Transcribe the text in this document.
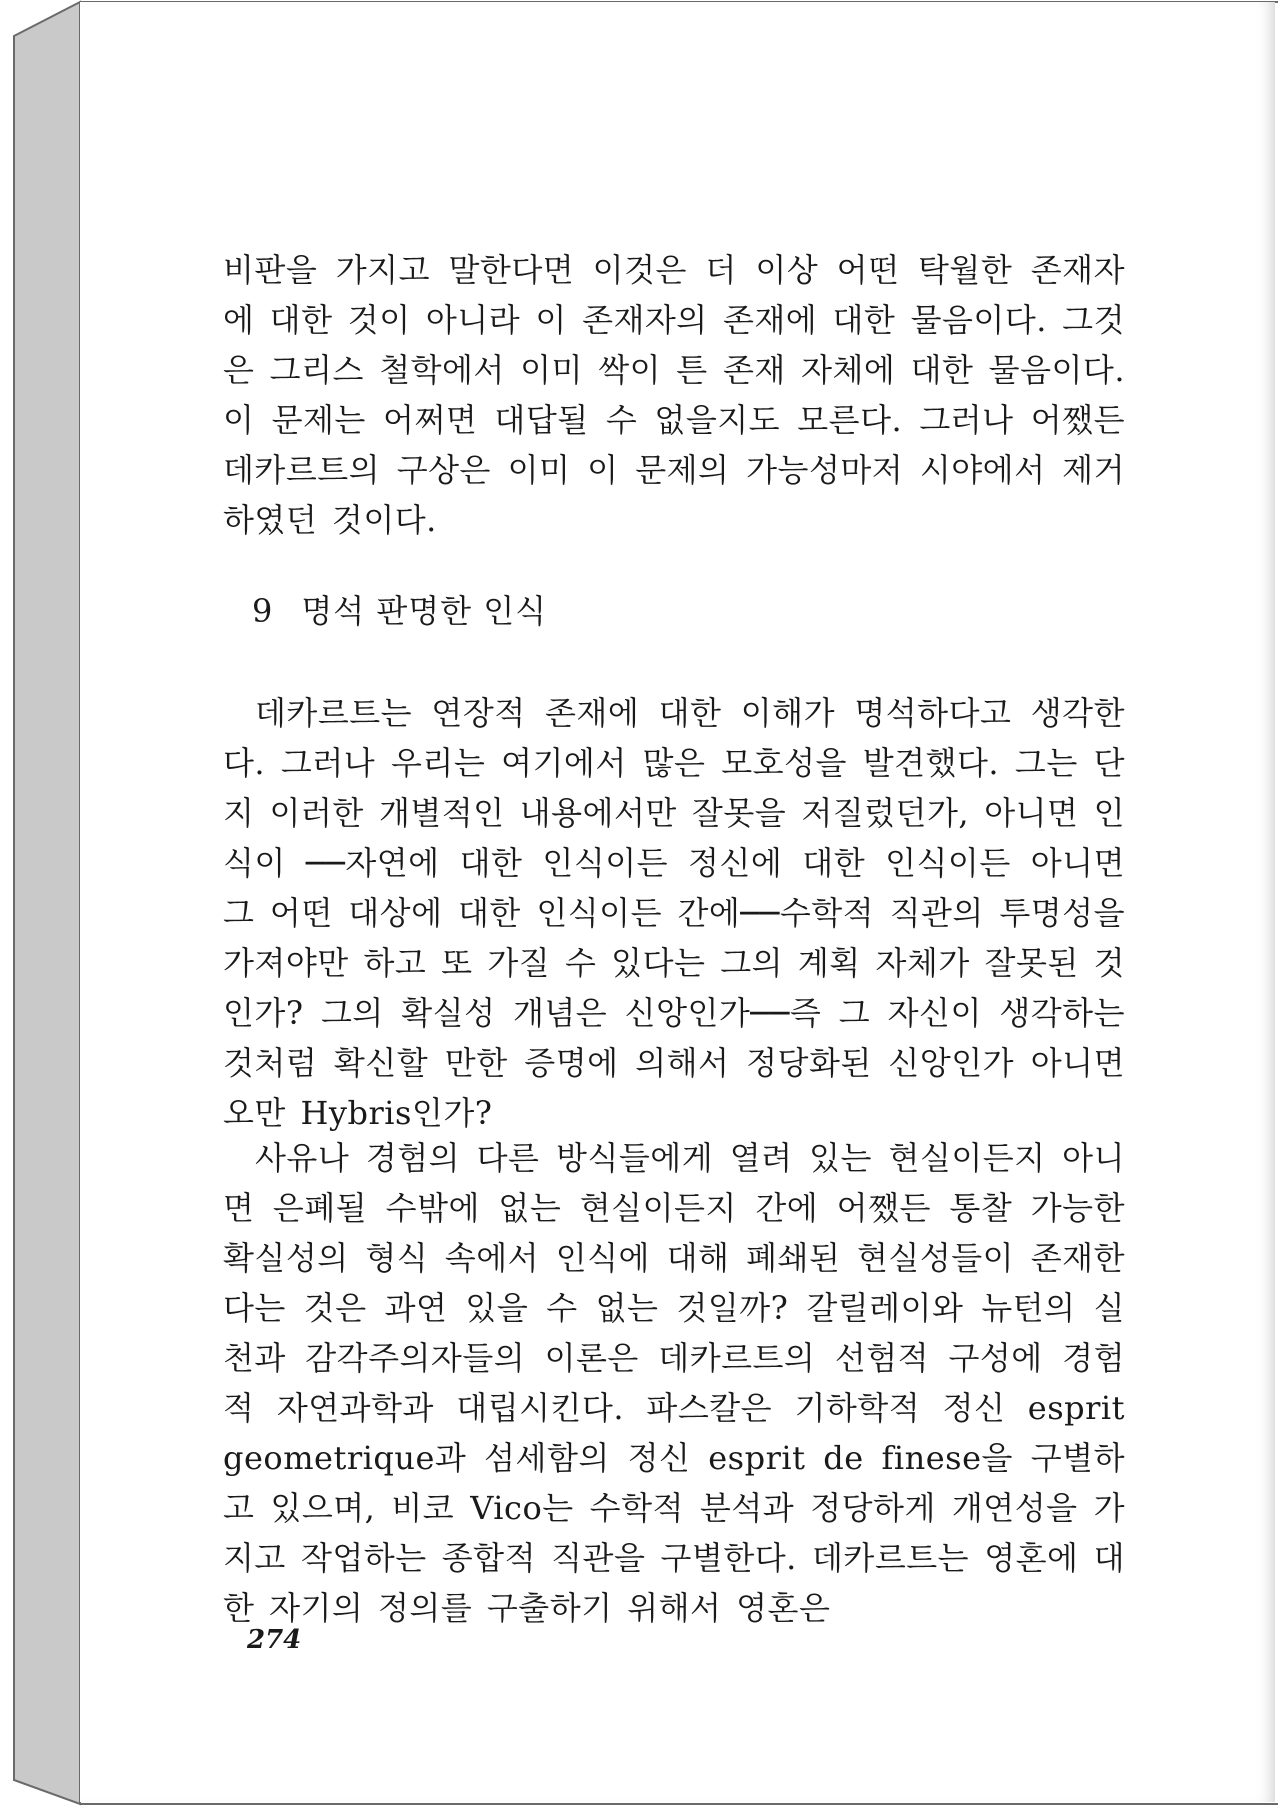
비판을 가지고 말한다면 이것은 더 이상 어떤 탁월한 존재자에 대한 것이 아니라 이 존재자의 존재에 대한 물음이다. 그것은 그리스 철학에서 이미 싹이 튼 존재 자체에 대한 물음이다. 이 문제는 어쩌면 대답될 수 없을지도 모른다. 그러나 어쨌든 데카르트의 구상은 이미 이 문제의 가능성마저 시야에서 제거하였던 것이다.

9 명석 판명한 인식

데카르트는 연장적 존재에 대한 이해가 명석하다고 생각한다. 그러나 우리는 여기에서 많은 모호성을 발견했다. 그는 단지 이러한 개별적인 내용에서만 잘못을 저질렀던가, 아니면 인식이 ──자연에 대한 인식이든 정신에 대한 인식이든 아니면 그 어떤 대상에 대한 인식이든 간에──수학적 직관의 투명성을 가져야만 하고 또 가질 수 있다는 그의 계획 자체가 잘못된 것인가? 그의 확실성 개념은 신앙인가──즉 그 자신이 생각하는 것처럼 확신할 만한 증명에 의해서 정당화된 신앙인가 아니면 오만 Hybris인가?

사유나 경험의 다른 방식들에게 열려 있는 현실이든지 아니면 은폐될 수밖에 없는 현실이든지 간에 어쨌든 통찰 가능한 확실성의 형식 속에서 인식에 대해 폐쇄된 현실성들이 존재한다는 것은 과연 있을 수 없는 것일까? 갈릴레이와 뉴턴의 실천과 감각주의자들의 이론은 데카르트의 선험적 구성에 경험적 자연과학과 대립시킨다. 파스칼은 기하학적 정신 esprit geometrique과 섬세함의 정신 esprit de finese을 구별하고 있으며, 비코 Vico는 수학적 분석과 정당하게 개연성을 가지고 작업하는 종합적 직관을 구별한다. 데카르트는 영혼에 대한 자기의 정의를 구출하기 위해서 영혼은

274
